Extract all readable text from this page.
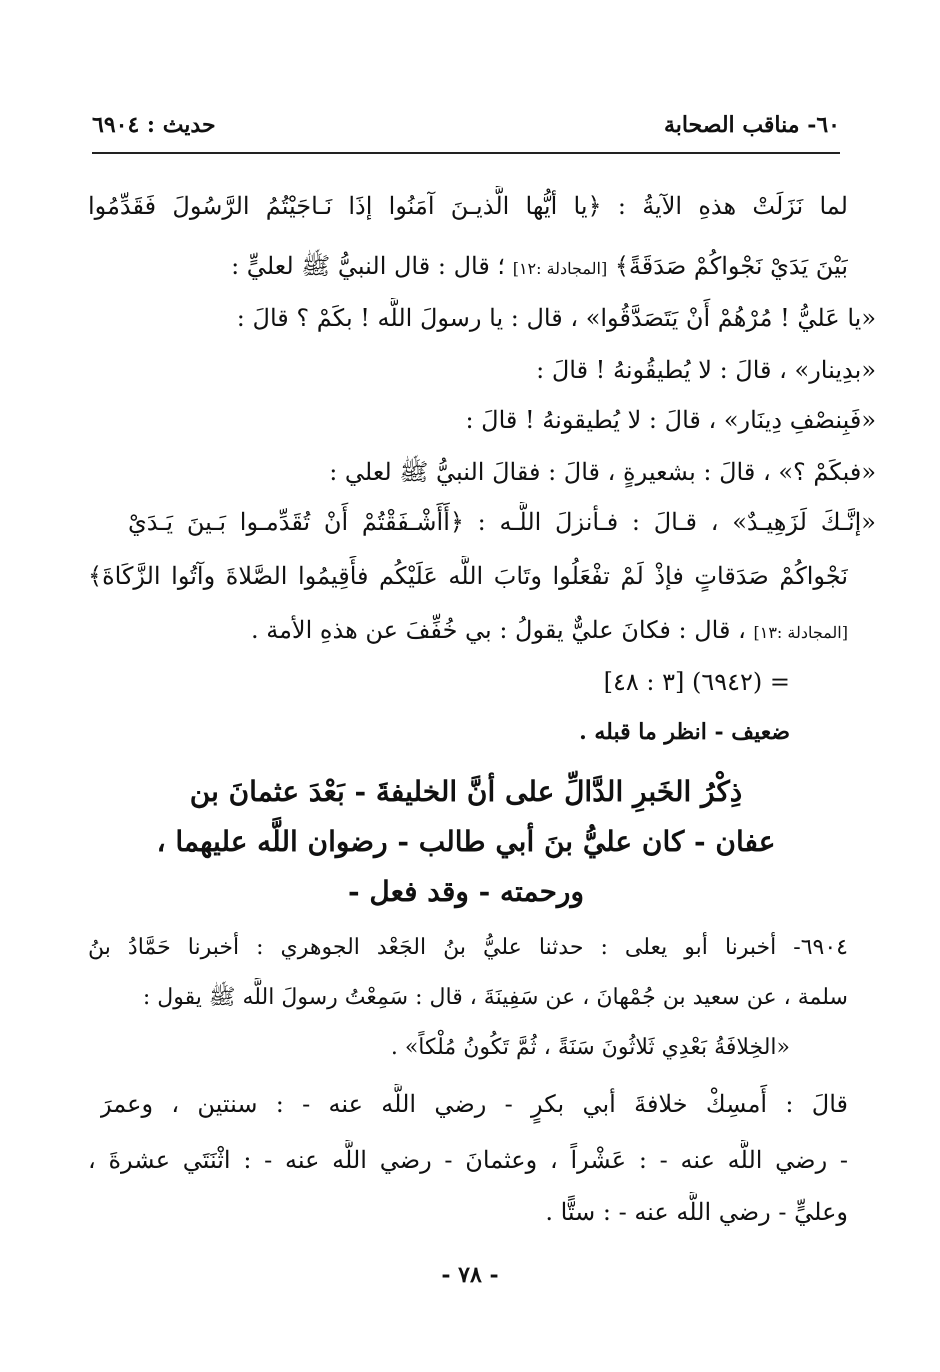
٦٠- مناقب الصحابة
حديث : ٦٩٠٤
لما نَزَلَتْ هذهِ الآيةُ : ﴿يا أيُّها الَّذيـنَ آمَنُوا إذَا نَـاجَيْتُمُ الرَّسُولَ فَقَدِّمُوا
بَيْنَ يَدَيْ نَجْواكُمْ صَدَقَةً﴾ [المجادلة :١٢] ؛ قال : قال النبيُّ ﷺ لعليٍّ :
«يا عَليُّ ! مُرْهُمْ أَنْ يَتَصَدَّقُوا» ، قال : يا رسولَ اللَّه ! بكَمْ ؟ قالَ :
«بدِينار» ، قالَ : لا يُطيقُونهُ ! قالَ :
«فَبِنصْفِ دِينَار» ، قالَ : لا يُطيقونهُ ! قالَ :
«فبكَمْ ؟» ، قالَ : بشعيرةٍ ، قالَ : فقالَ النبيُّ ﷺ لعلي :
«إنَّـكَ لَزَهِيـدٌ» ، قـالَ : فـأنزلَ اللَّـه : ﴿أَأَشْـفَقْتُمْ أَنْ تُقَدِّمـوا بَـينَ يَـدَيْ
نَجْواكُمْ صَدَقاتٍ فإذْ لَمْ تفْعَلُوا وتَابَ اللَّه عَلَيْكُم فأَقِيمُوا الصَّلاةَ وآتُوا الزَّكَاةَ﴾
[المجادلة :١٣] ، قال : فكانَ عليٌّ يقولُ : بي خُفِّفَ عن هذهِ الأمة .
= (٦٩٤٢) [٣ : ٤٨]
ضعيف - انظر ما قبله .
ذِكْرُ الخَبرِ الدَّالِّ على أنَّ الخليفةَ - بَعْدَ عثمانَ بن
عفان - كان عليُّ بنَ أبي طالب - رضوان اللَّه عليهما ،
ورحمته - وقد فعل -
٦٩٠٤- أخبرنا أبو يعلى : حدثنا عليُّ بنُ الجَعْد الجوهري : أخبرنا حَمَّادُ بنُ
سلمة ، عن سعيد بن جُمْهانَ ، عن سَفِينَةَ ، قال : سَمِعْتُ رسولَ اللَّه ﷺ يقول :
«الخِلافَةُ بَعْدِي ثَلاثُونَ سَنَةً ، ثُمَّ تَكُونُ مُلْكاً» .
قالَ : أَمسِكْ خلافةَ أبي بكرٍ - رضي اللَّه عنه - : سنتين ، وعمرَ
- رضي اللَّه عنه - : عَشْراً ، وعثمانَ - رضي اللَّه عنه - : اثْنَتَي عشرةَ ،
وعليٍّ - رضي اللَّه عنه - : ستًّا .
- ٧٨ -
